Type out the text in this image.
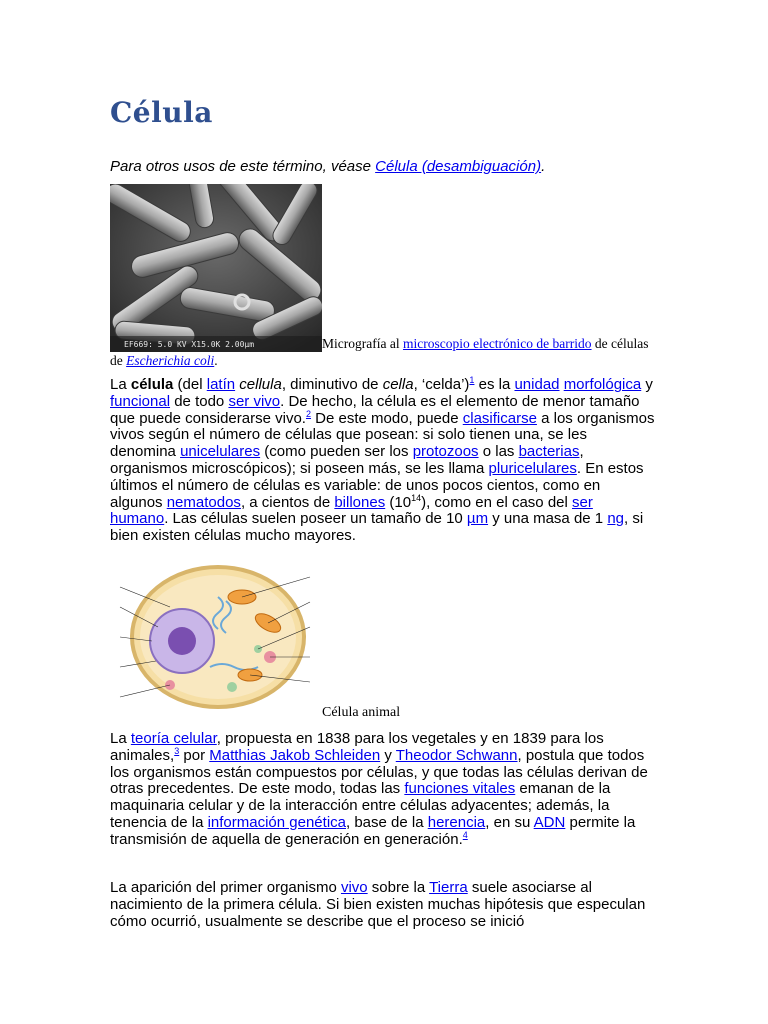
Célula
Para otros usos de este término, véase Célula (desambiguación).
EF669: 5.0 KV X15.0K 2.00μm	Micrografía al microscopio electrónico de barrido de células de Escherichia coli.

La célula (del latín cellula, diminutivo de cella, ‘celda’)$^1$ es la unidad morfológica y funcional de todo ser vivo. De hecho, la célula es el elemento de menor tamaño que puede considerarse vivo.$^2$ De este modo, puede clasificarse a los organismos vivos según el número de células que posean: si solo tienen una, se les denomina unicelulares (como pueden ser los protozoos o las bacterias, organismos microscópicos); si poseen más, se les llama pluricelulares. En estos últimos el número de células es variable: de unos pocos cientos, como en algunos nematodos, a cientos de billones $(10^{14})$, como en el caso del ser humano. Las células suelen poseer un tamaño de 10 µm y una masa de 1 ng, si bien existen células mucho mayores.

Célula animal

La teoría celular, propuesta en 1838 para los vegetales y en 1839 para los animales,$^3$ por Matthias Jakob Schleiden y Theodor Schwann, postula que todos los organismos están compuestos por células, y que todas las células derivan de otras precedentes. De este modo, todas las funciones vitales emanan de la maquinaria celular y de la interacción entre células adyacentes; además, la tenencia de la información genética, base de la herencia, en su ADN permite la transmisión de aquella de generación en generación.$^4$

La aparición del primer organismo vivo sobre la Tierra suele asociarse al nacimiento de la primera célula. Si bien existen muchas hipótesis que especulan cómo ocurrió, usualmente se describe que el proceso se inició
